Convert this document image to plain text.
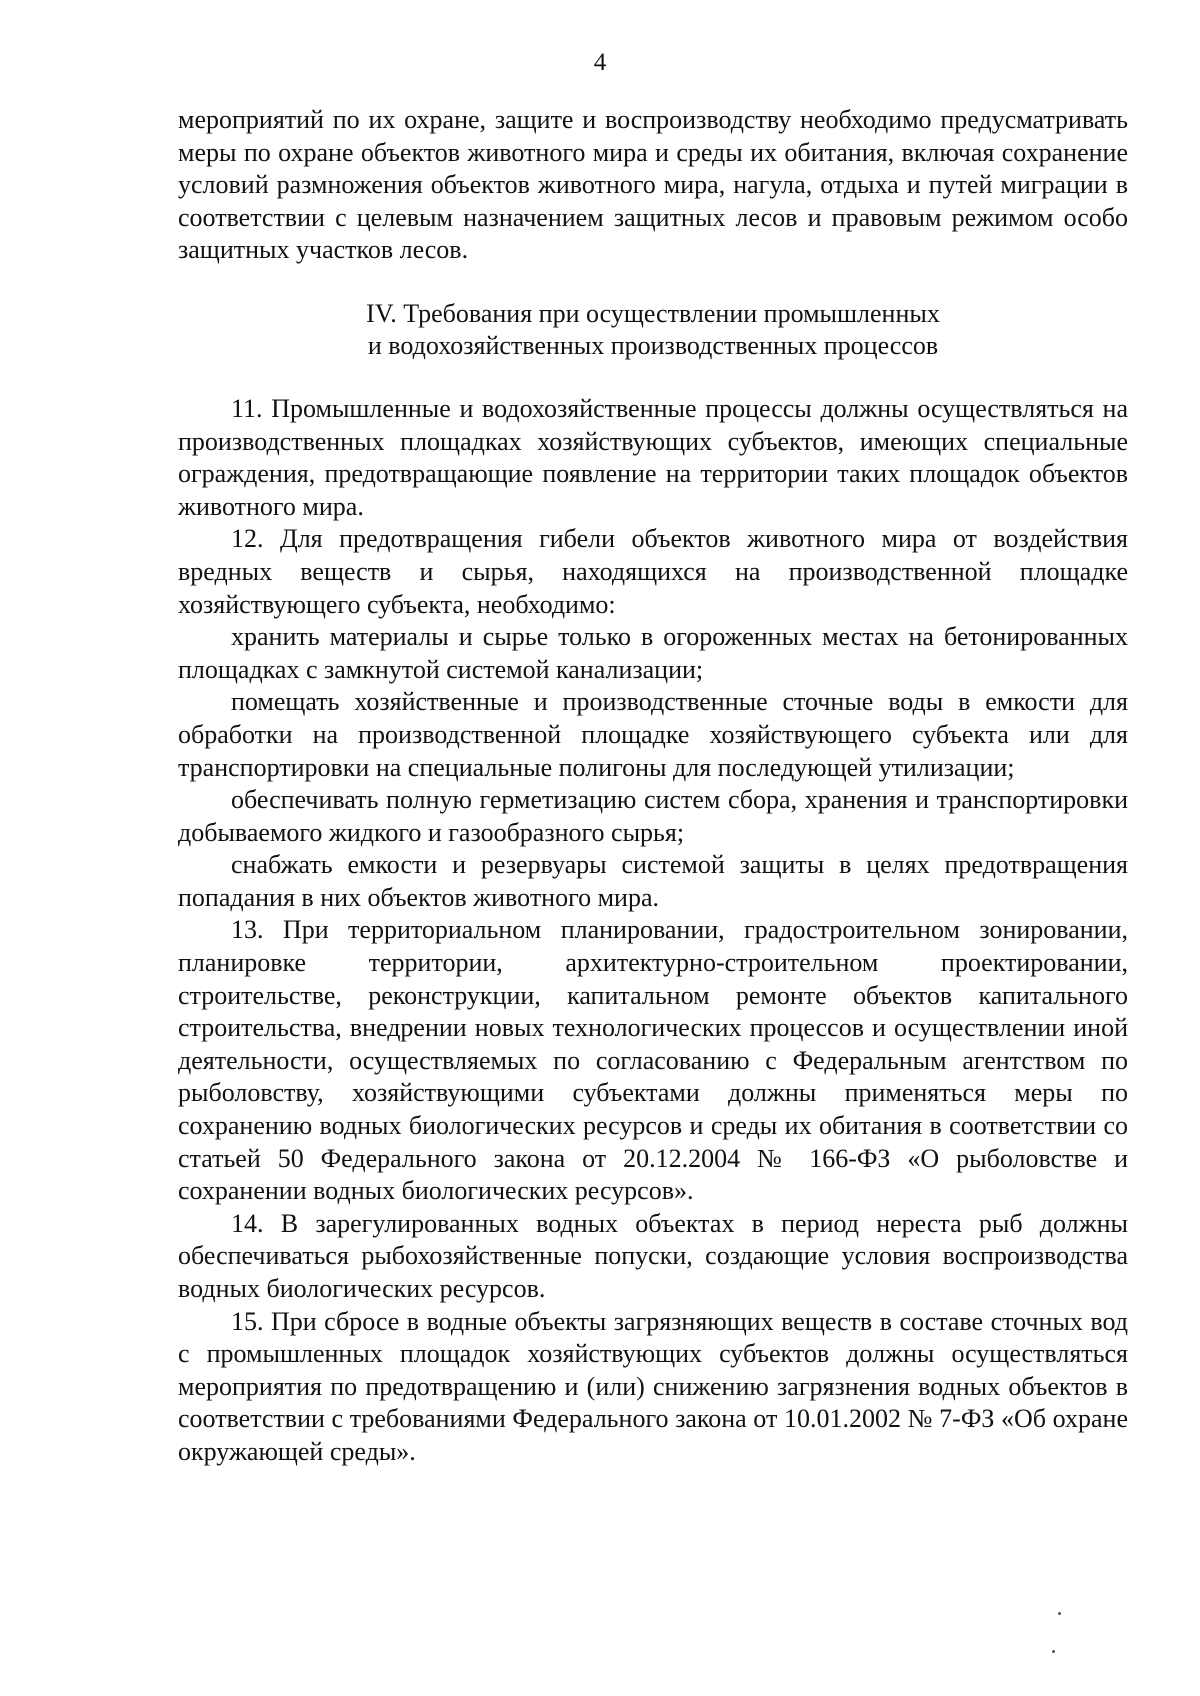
4

мероприятий по их охране, защите и воспроизводству необходимо предусматривать меры по охране объектов животного мира и среды их обитания, включая сохранение условий размножения объектов животного мира, нагула, отдыха и путей миграции в соответствии с целевым назначением защитных лесов и правовым режимом особо защитных участков лесов.

IV. Требования при осуществлении промышленных
и водохозяйственных производственных процессов

11. Промышленные и водохозяйственные процессы должны осуществляться на производственных площадках хозяйствующих субъектов, имеющих специальные ограждения, предотвращающие появление на территории таких площадок объектов животного мира.

12. Для предотвращения гибели объектов животного мира от воздействия вредных веществ и сырья, находящихся на производственной площадке хозяйствующего субъекта, необходимо:

хранить материалы и сырье только в огороженных местах на бетонированных площадках с замкнутой системой канализации;

помещать хозяйственные и производственные сточные воды в емкости для обработки на производственной площадке хозяйствующего субъекта или для транспортировки на специальные полигоны для последующей утилизации;

обеспечивать полную герметизацию систем сбора, хранения и транспортировки добываемого жидкого и газообразного сырья;

снабжать емкости и резервуары системой защиты в целях предотвращения попадания в них объектов животного мира.

13. При территориальном планировании, градостроительном зонировании, планировке территории, архитектурно-строительном проектировании, строительстве, реконструкции, капитальном ремонте объектов капитального строительства, внедрении новых технологических процессов и осуществлении иной деятельности, осуществляемых по согласованию с Федеральным агентством по рыболовству, хозяйствующими субъектами должны применяться меры по сохранению водных биологических ресурсов и среды их обитания в соответствии со статьей 50 Федерального закона от 20.12.2004 № 166-ФЗ «О рыболовстве и сохранении водных биологических ресурсов».

14. В зарегулированных водных объектах в период нереста рыб должны обеспечиваться рыбохозяйственные попуски, создающие условия воспроизводства водных биологических ресурсов.

15. При сбросе в водные объекты загрязняющих веществ в составе сточных вод с промышленных площадок хозяйствующих субъектов должны осуществляться мероприятия по предотвращению и (или) снижению загрязнения водных объектов в соответствии с требованиями Федерального закона от 10.01.2002 № 7-ФЗ «Об охране окружающей среды».
